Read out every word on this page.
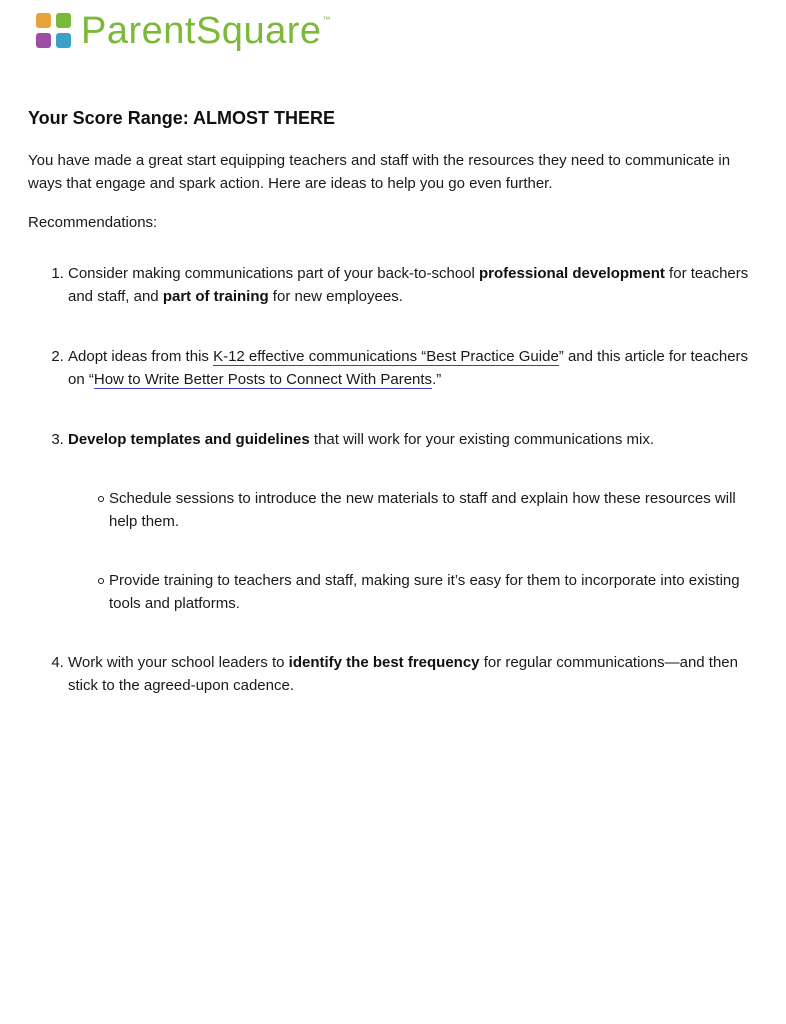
ParentSquare™
Your Score Range: ALMOST THERE

You have made a great start equipping teachers and staff with the resources they need to communicate in ways that engage and spark action. Here are ideas to help you go even further.

Recommendations:

1. Consider making communications part of your back-to-school professional development for teachers and staff, and part of training for new employees.
2. Adopt ideas from this K-12 effective communications “Best Practice Guide” and this article for teachers on “How to Write Better Posts to Connect With Parents.”
3. Develop templates and guidelines that will work for your existing communications mix.
Schedule sessions to introduce the new materials to staff and explain how these resources will help them.
Provide training to teachers and staff, making sure it’s easy for them to incorporate into existing tools and platforms.
4. Work with your school leaders to identify the best frequency for regular communications—and then stick to the agreed-upon cadence.
